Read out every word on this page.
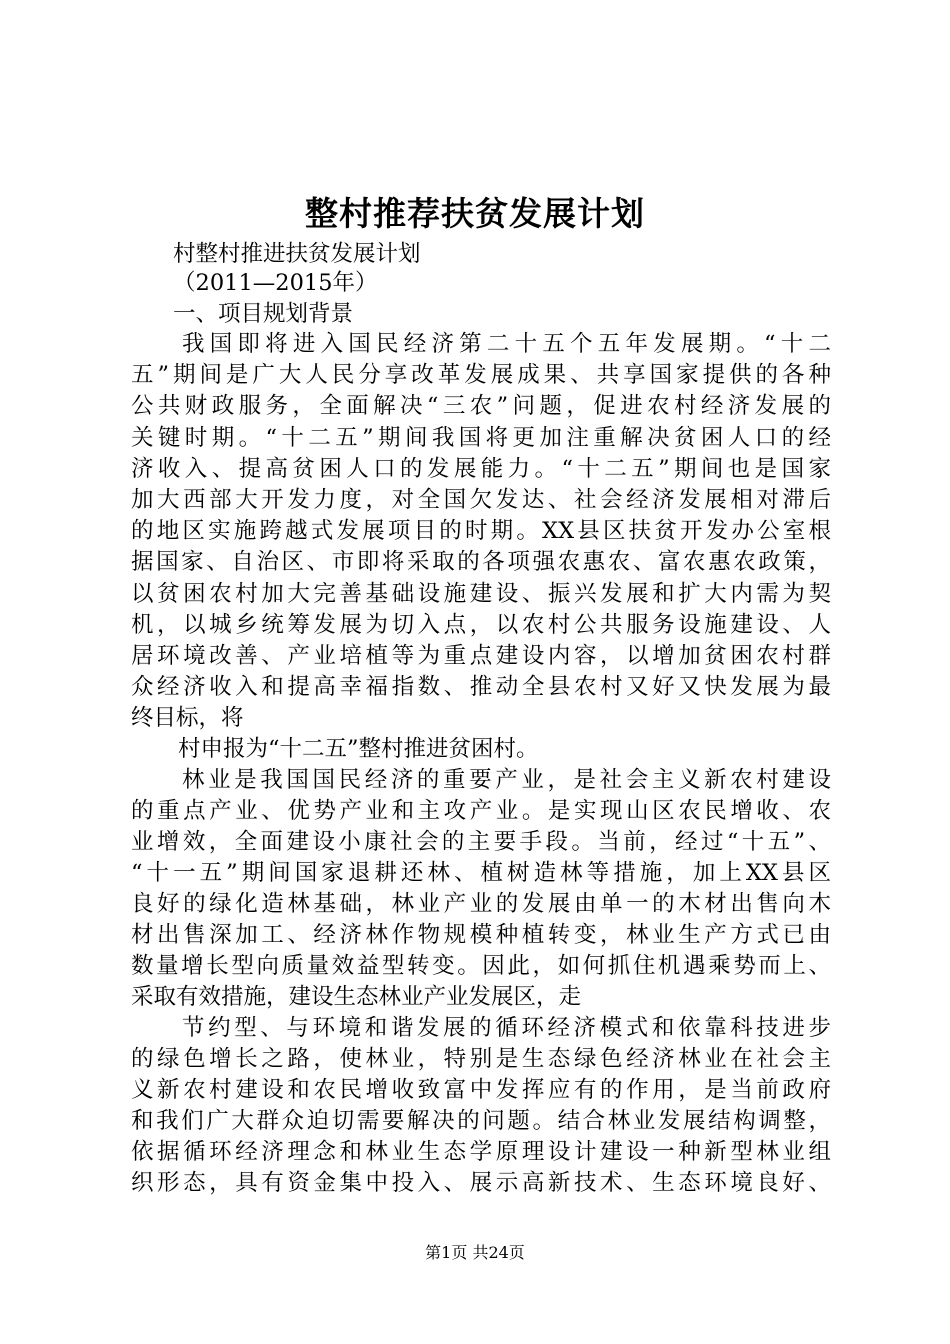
整村推荐扶贫发展计划
村整村推进扶贫发展计划
（2011—2015年）
一、项目规划背景
我国即将进入国民经济第二十五个五年发展期。“十二
五”期间是广大人民分享改革发展成果、共享国家提供的各种
公共财政服务，全面解决“三农”问题，促进农村经济发展的
关键时期。“十二五”期间我国将更加注重解决贫困人口的经
济收入、提高贫困人口的发展能力。“十二五”期间也是国家
加大西部大开发力度，对全国欠发达、社会经济发展相对滞后
的地区实施跨越式发展项目的时期。XX县区扶贫开发办公室根
据国家、自治区、市即将采取的各项强农惠农、富农惠农政策，
以贫困农村加大完善基础设施建设、振兴发展和扩大内需为契
机，以城乡统筹发展为切入点，以农村公共服务设施建设、人
居环境改善、产业培植等为重点建设内容，以增加贫困农村群
众经济收入和提高幸福指数、推动全县农村又好又快发展为最
终目标，将
村申报为“十二五”整村推进贫困村。
林业是我国国民经济的重要产业，是社会主义新农村建设
的重点产业、优势产业和主攻产业。是实现山区农民增收、农
业增效，全面建设小康社会的主要手段。当前，经过“十五”、
“十一五”期间国家退耕还林、植树造林等措施，加上XX县区
良好的绿化造林基础，林业产业的发展由单一的木材出售向木
材出售深加工、经济林作物规模种植转变，林业生产方式已由
数量增长型向质量效益型转变。因此，如何抓住机遇乘势而上、
采取有效措施，建设生态林业产业发展区，走
节约型、与环境和谐发展的循环经济模式和依靠科技进步
的绿色增长之路，使林业，特别是生态绿色经济林业在社会主
义新农村建设和农民增收致富中发挥应有的作用，是当前政府
和我们广大群众迫切需要解决的问题。结合林业发展结构调整，
依据循环经济理念和林业生态学原理设计建设一种新型林业组
织形态，具有资金集中投入、展示高新技术、生态环境良好、
第1页 共24页
